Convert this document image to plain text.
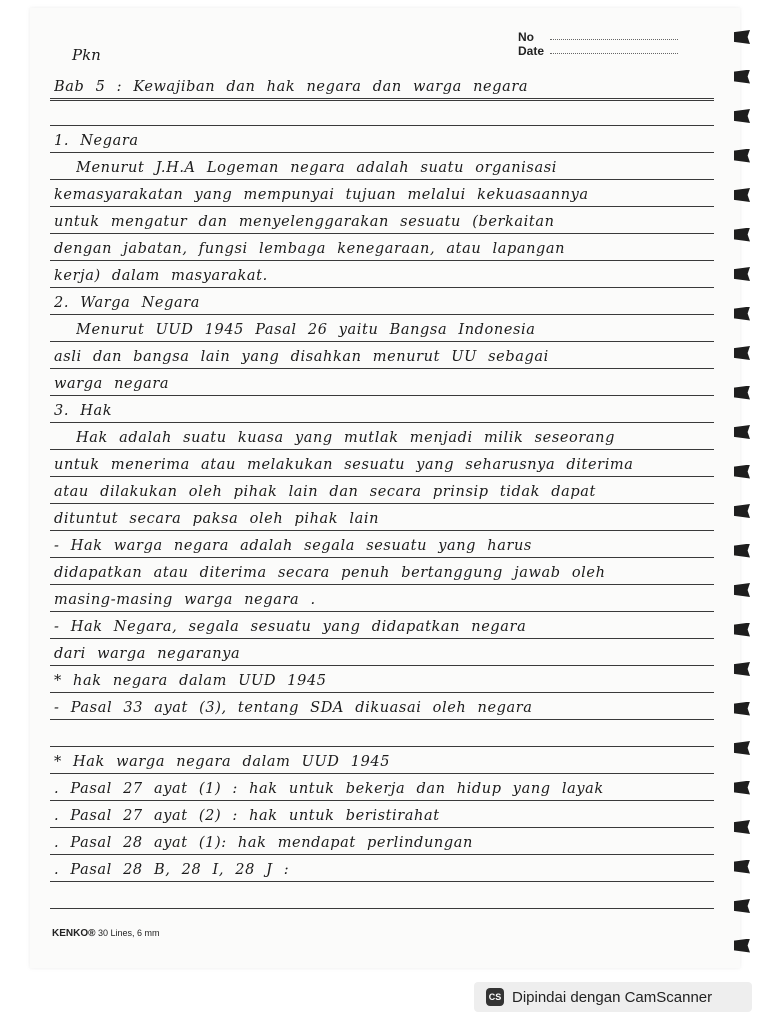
No
Date
Pkn
Bab 5 : Kewajiban dan hak negara dan warga negara
1. Negara
Menurut J.H.A Logeman negara adalah suatu organisasi
kemasyarakatan yang mempunyai tujuan melalui kekuasaannya
untuk mengatur dan menyelenggarakan sesuatu (berkaitan
dengan jabatan, fungsi lembaga kenegaraan, atau lapangan
kerja) dalam masyarakat.
2. Warga Negara
Menurut UUD 1945 Pasal 26 yaitu Bangsa Indonesia
asli dan bangsa lain yang disahkan menurut UU sebagai
warga negara
3. Hak
Hak adalah suatu kuasa yang mutlak menjadi milik seseorang
untuk menerima atau melakukan sesuatu yang seharusnya diterima
atau dilakukan oleh pihak lain dan secara prinsip tidak dapat
dituntut secara paksa oleh pihak lain
- Hak warga negara adalah segala sesuatu yang harus
didapatkan atau diterima secara penuh bertanggung jawab oleh
masing-masing warga negara .
- Hak Negara, segala sesuatu yang didapatkan negara
dari warga negaranya
* hak negara dalam UUD 1945
- Pasal 33 ayat (3), tentang SDA dikuasai oleh negara
* Hak warga negara dalam UUD 1945
. Pasal 27 ayat (1) : hak untuk bekerja dan hidup yang layak
. Pasal 27 ayat (2) : hak untuk beristirahat
. Pasal 28 ayat (1): hak mendapat perlindungan
. Pasal 28 B, 28 I, 28 J :
KENKO® 30 Lines, 6 mm
CS Dipindai dengan CamScanner
